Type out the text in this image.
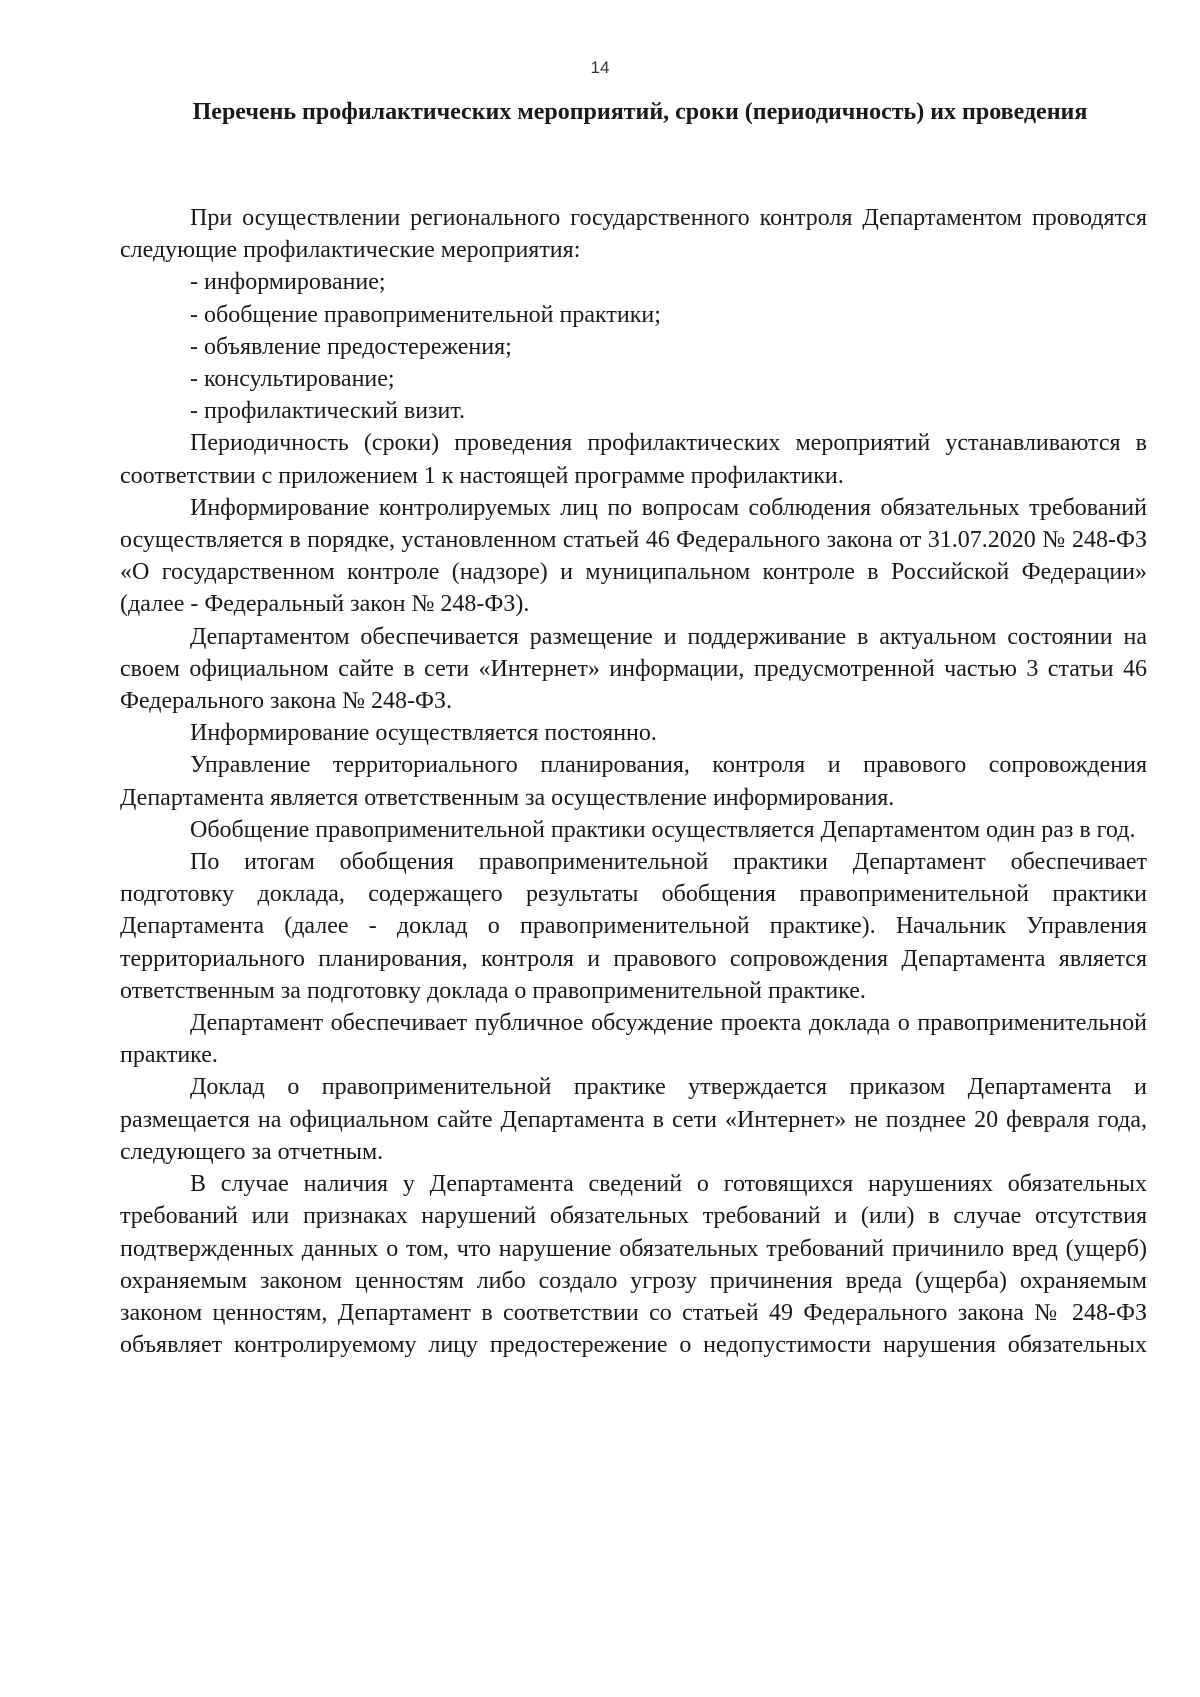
14
Перечень профилактических мероприятий, сроки (периодичность) их проведения

При осуществлении регионального государственного контроля Департаментом проводятся следующие профилактические мероприятия:

- информирование;

- обобщение правоприменительной практики;

- объявление предостережения;

- консультирование;

- профилактический визит.

Периодичность (сроки) проведения профилактических мероприятий устанавливаются в соответствии с приложением 1 к настоящей программе профилактики.

Информирование контролируемых лиц по вопросам соблюдения обязательных требований осуществляется в порядке, установленном статьей 46 Федерального закона от 31.07.2020 № 248-ФЗ «О государственном контроле (надзоре) и муниципальном контроле в Российской Федерации» (далее - Федеральный закон № 248-ФЗ).

Департаментом обеспечивается размещение и поддерживание в актуальном состоянии на своем официальном сайте в сети «Интернет» информации, предусмотренной частью 3 статьи 46 Федерального закона № 248-ФЗ.

Информирование осуществляется постоянно.

Управление территориального планирования, контроля и правового сопровождения Департамента является ответственным за осуществление информирования.

Обобщение правоприменительной практики осуществляется Департаментом один раз в год.

По итогам обобщения правоприменительной практики Департамент обеспечивает подготовку доклада, содержащего результаты обобщения правоприменительной практики Департамента (далее - доклад о правоприменительной практике). Начальник Управления территориального планирования, контроля и правового сопровождения Департамента является ответственным за подготовку доклада о правоприменительной практике.

Департамент обеспечивает публичное обсуждение проекта доклада о правоприменительной практике.

Доклад о правоприменительной практике утверждается приказом Департамента и размещается на официальном сайте Департамента в сети «Интернет» не позднее 20 февраля года, следующего за отчетным.

В случае наличия у Департамента сведений о готовящихся нарушениях обязательных требований или признаках нарушений обязательных требований и (или) в случае отсутствия подтвержденных данных о том, что нарушение обязательных требований причинило вред (ущерб) охраняемым законом ценностям либо создало угрозу причинения вреда (ущерба) охраняемым законом ценностям, Департамент в соответствии со статьей 49 Федерального закона № 248-ФЗ объявляет контролируемому лицу предостережение о недопустимости нарушения обязательных
